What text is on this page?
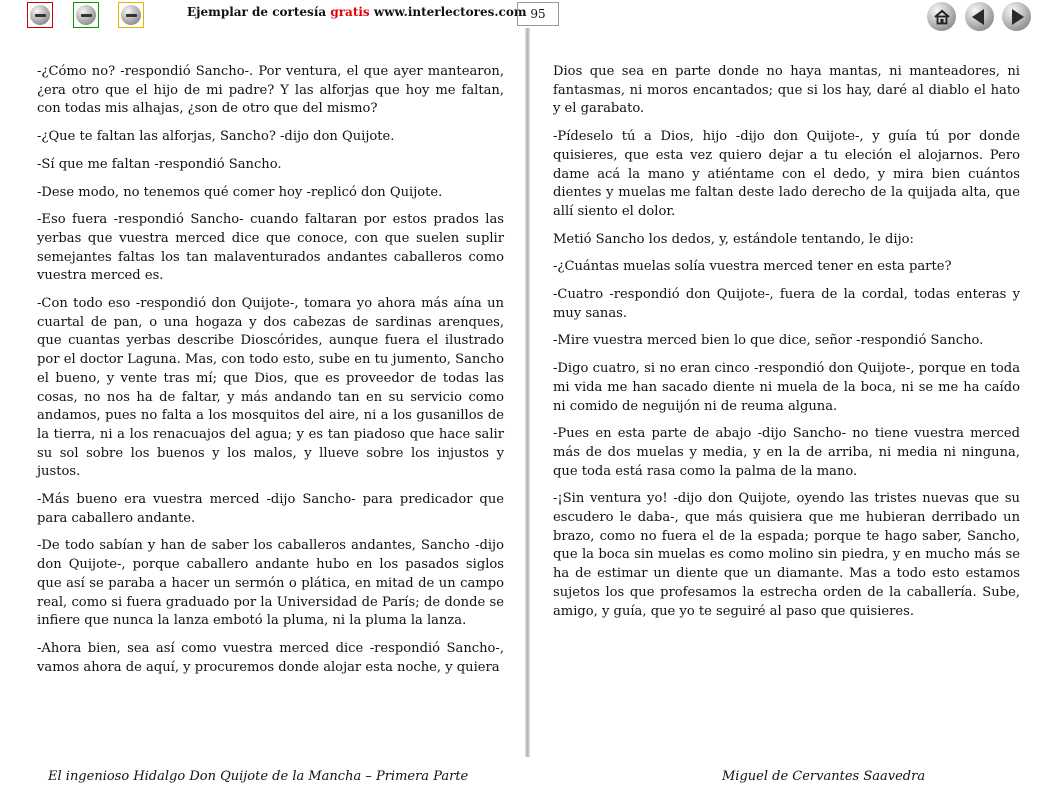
Ejemplar de cortesía gratis www.interlectores.com 95

-¿Cómo no? -respondió Sancho-. Por ventura, el que ayer mantearon, ¿era otro que el hijo de mi padre? Y las alforjas que hoy me faltan, con todas mis alhajas, ¿son de otro que del mismo?

-¿Que te faltan las alforjas, Sancho? -dijo don Quijote.

-Sí que me faltan -respondió Sancho.

-Dese modo, no tenemos qué comer hoy -replicó don Quijote.

-Eso fuera -respondió Sancho- cuando faltaran por estos prados las yerbas que vuestra merced dice que conoce, con que suelen suplir semejantes faltas los tan malaventurados andantes caballeros como vuestra merced es.

-Con todo eso -respondió don Quijote-, tomara yo ahora más aína un cuartal de pan, o una hogaza y dos cabezas de sardinas arenques, que cuantas yerbas describe Dioscórides, aunque fuera el ilustrado por el doctor Laguna. Mas, con todo esto, sube en tu jumento, Sancho el bueno, y vente tras mí; que Dios, que es proveedor de todas las cosas, no nos ha de faltar, y más andando tan en su servicio como andamos, pues no falta a los mosquitos del aire, ni a los gusanillos de la tierra, ni a los renacuajos del agua; y es tan piadoso que hace salir su sol sobre los buenos y los malos, y llueve sobre los injustos y justos.

-Más bueno era vuestra merced -dijo Sancho- para predicador que para caballero andante.

-De todo sabían y han de saber los caballeros andantes, Sancho -dijo don Quijote-, porque caballero andante hubo en los pasados siglos que así se paraba a hacer un sermón o plática, en mitad de un campo real, como si fuera graduado por la Universidad de París; de donde se infiere que nunca la lanza embotó la pluma, ni la pluma la lanza.

-Ahora bien, sea así como vuestra merced dice -respondió Sancho-, vamos ahora de aquí, y procuremos donde alojar esta noche, y quiera

Dios que sea en parte donde no haya mantas, ni manteadores, ni fantasmas, ni moros encantados; que si los hay, daré al diablo el hato y el garabato.

-Pídeselo tú a Dios, hijo -dijo don Quijote-, y guía tú por donde quisieres, que esta vez quiero dejar a tu eleción el alojarnos. Pero dame acá la mano y atiéntame con el dedo, y mira bien cuántos dientes y muelas me faltan deste lado derecho de la quijada alta, que allí siento el dolor.

Metió Sancho los dedos, y, estándole tentando, le dijo:

-¿Cuántas muelas solía vuestra merced tener en esta parte?

-Cuatro -respondió don Quijote-, fuera de la cordal, todas enteras y muy sanas.

-Mire vuestra merced bien lo que dice, señor -respondió Sancho.

-Digo cuatro, si no eran cinco -respondió don Quijote-, porque en toda mi vida me han sacado diente ni muela de la boca, ni se me ha caído ni comido de neguijón ni de reuma alguna.

-Pues en esta parte de abajo -dijo Sancho- no tiene vuestra merced más de dos muelas y media, y en la de arriba, ni media ni ninguna, que toda está rasa como la palma de la mano.

-¡Sin ventura yo! -dijo don Quijote, oyendo las tristes nuevas que su escudero le daba-, que más quisiera que me hubieran derribado un brazo, como no fuera el de la espada; porque te hago saber, Sancho, que la boca sin muelas es como molino sin piedra, y en mucho más se ha de estimar un diente que un diamante. Mas a todo esto estamos sujetos los que profesamos la estrecha orden de la caballería. Sube, amigo, y guía, que yo te seguiré al paso que quisieres.

El ingenioso Hidalgo Don Quijote de la Mancha – Primera Parte	Miguel de Cervantes Saavedra
